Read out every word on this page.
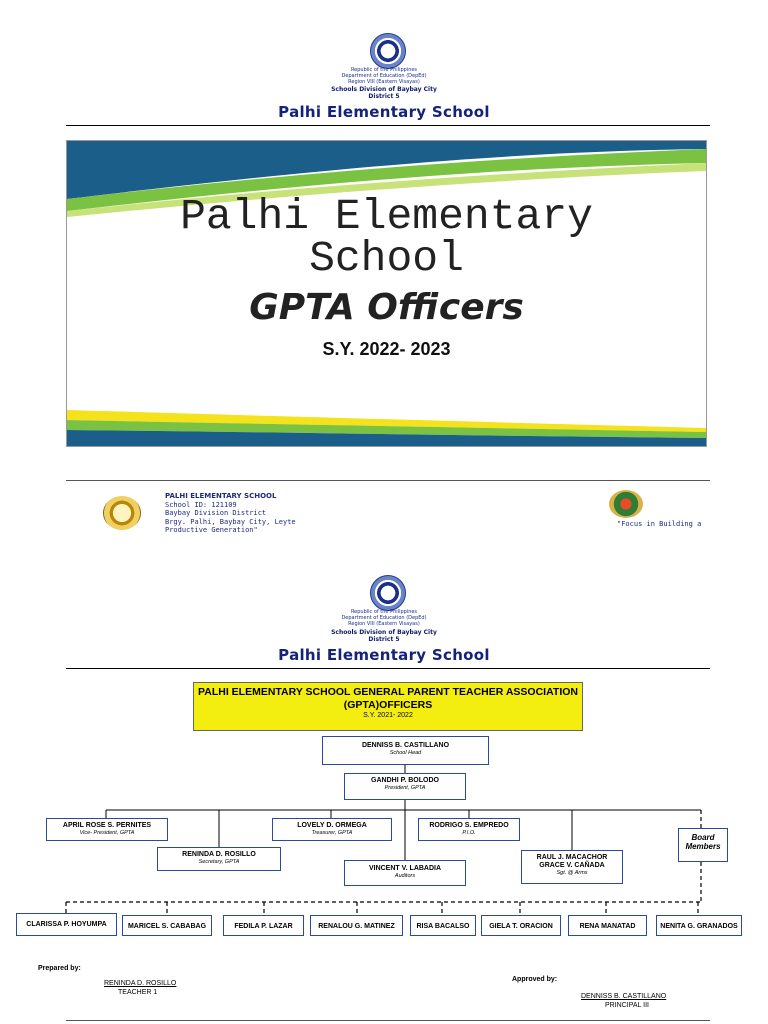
Republic of the Philippines
Department of Education (DepEd)
Region VIII (Eastern Visayas)
Schools Division of Baybay City
District 5
Palhi Elementary School
Palhi Elementary
School
GPTA Officers
S.Y. 2022- 2023
PALHI ELEMENTARY SCHOOL
School ID: 121109
Baybay Division District
Brgy. Palhi, Baybay City, Leyte
Productive Generation"
"Focus in Building a
Republic of the Philippines
Department of Education (DepEd)
Region VIII (Eastern Visayas)
Schools Division of Baybay City
District 5
Palhi Elementary School
PALHI ELEMENTARY SCHOOL GENERAL PARENT TEACHER ASSOCIATION (GPTA)OFFICERS
S.Y. 2021- 2022
DENNISS B. CASTILLANO
School Head
GANDHI P. BOLODO
President, GPTA
APRIL ROSE S. PERNITES
Vice- President, GPTA
RENINDA D. ROSILLO
Secretary, GPTA
LOVELY D. ORMEGA
Treasurer, GPTA
VINCENT V. LABADIA
Auditors
RODRIGO S. EMPREDO
P.I.O.
RAUL J. MACACHOR
GRACE V. CAÑADA
Sgt. @ Arms
Board
Members
CLARISSA P. HOYUMPA	MARICEL S. CABABAG	FEDILA P. LAZAR	RENALOU G. MATINEZ	RISA BACALSO	GIELA T. ORACION	RENA MANATAD	NENITA G. GRANADOS
Prepared by:
RENINDA D. ROSILLO
TEACHER 1
Approved by:
DENNISS B. CASTILLANO
PRINCIPAL III
